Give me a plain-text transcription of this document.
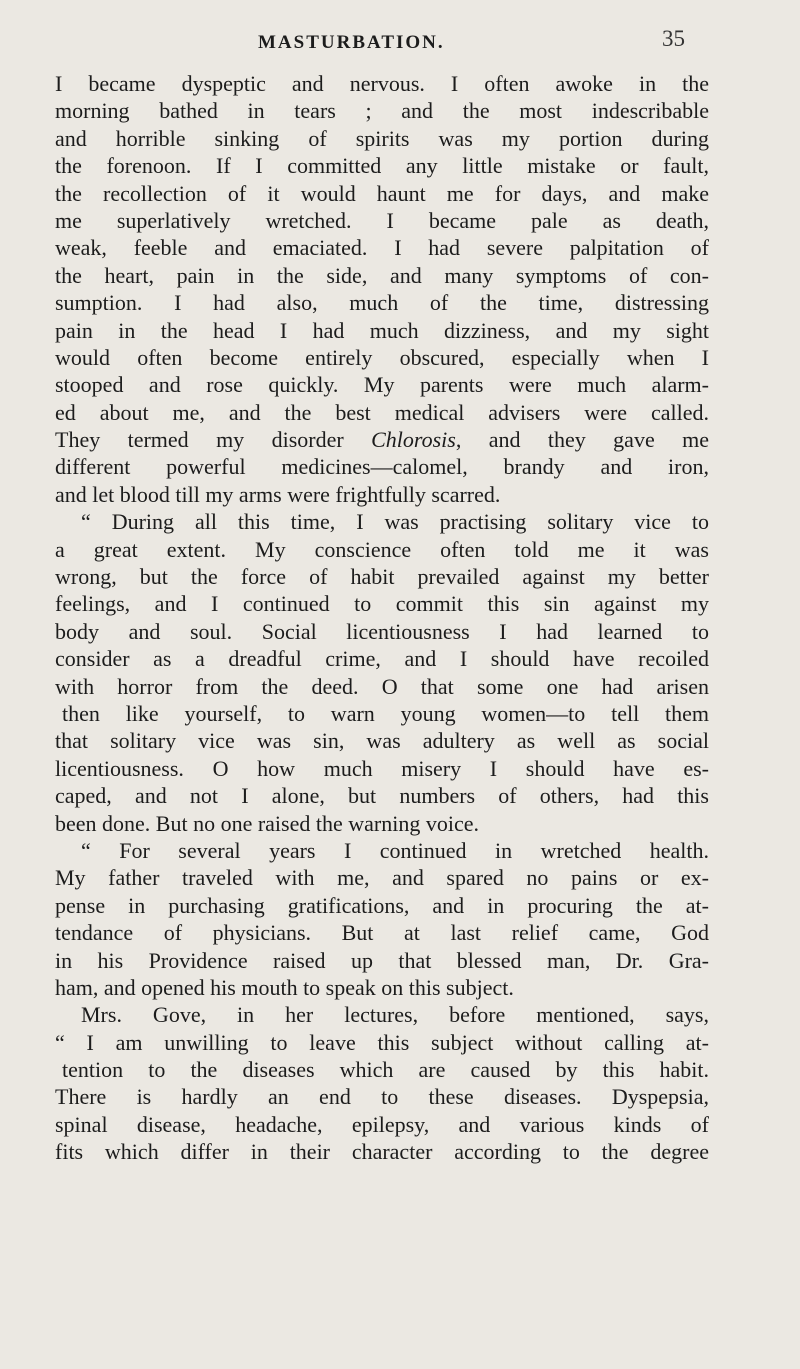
MASTURBATION.	35
I became dyspeptic and nervous. I often awoke in the
morning bathed in tears ; and the most indescribable
and horrible sinking of spirits was my portion during
the forenoon. If I committed any little mistake or fault,
the recollection of it would haunt me for days, and make
me superlatively wretched. I became pale as death,
weak, feeble and emaciated. I had severe palpitation of
the heart, pain in the side, and many symptoms of con-
sumption. I had also, much of the time, distressing
pain in the head I had much dizziness, and my sight
would often become entirely obscured, especially when I
stooped and rose quickly. My parents were much alarm-
ed about me, and the best medical advisers were called.
They termed my disorder Chlorosis, and they gave me
different powerful medicines—calomel, brandy and iron,
and let blood till my arms were frightfully scarred.
“ During all this time, I was practising solitary vice to
a great extent. My conscience often told me it was
wrong, but the force of habit prevailed against my better
feelings, and I continued to commit this sin against my
body and soul. Social licentiousness I had learned to
consider as a dreadful crime, and I should have recoiled
with horror from the deed. O that some one had arisen
then like yourself, to warn young women—to tell them
that solitary vice was sin, was adultery as well as social
licentiousness. O how much misery I should have es-
caped, and not I alone, but numbers of others, had this
been done. But no one raised the warning voice.
“ For several years I continued in wretched health.
My father traveled with me, and spared no pains or ex-
pense in purchasing gratifications, and in procuring the at-
tendance of physicians. But at last relief came, God
in his Providence raised up that blessed man, Dr. Gra-
ham, and opened his mouth to speak on this subject.
Mrs. Gove, in her lectures, before mentioned, says,
“ I am unwilling to leave this subject without calling at-
tention to the diseases which are caused by this habit.
There is hardly an end to these diseases. Dyspepsia,
spinal disease, headache, epilepsy, and various kinds of
fits which differ in their character according to the degree
